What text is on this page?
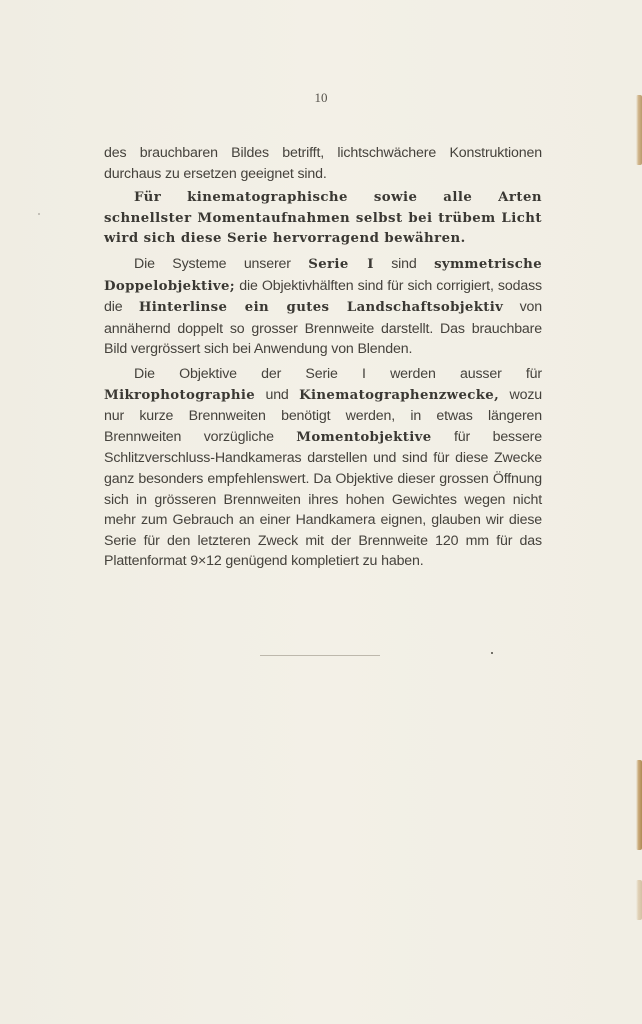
10

des brauchbaren Bildes betrifft, lichtschwächere Konstruktionen durchaus zu ersetzen geeignet sind.

Für kinematographische sowie alle Arten schnellster Momentaufnahmen selbst bei trübem Licht wird sich diese Serie hervorragend bewähren.

Die Systeme unserer Serie I sind symmetrische Doppelobjektive; die Objektivhälften sind für sich corrigiert, sodass die Hinterlinse ein gutes Landschaftsobjektiv von annähernd doppelt so grosser Brennweite darstellt. Das brauchbare Bild vergrössert sich bei Anwendung von Blenden.

Die Objektive der Serie I werden ausser für Mikrophotographie und Kinematographenzwecke, wozu nur kurze Brennweiten benötigt werden, in etwas längeren Brennweiten vorzügliche Momentobjektive für bessere Schlitzverschluss-Handkameras darstellen und sind für diese Zwecke ganz besonders empfehlenswert. Da Objektive dieser grossen Öffnung sich in grösseren Brennweiten ihres hohen Gewichtes wegen nicht mehr zum Gebrauch an einer Handkamera eignen, glauben wir diese Serie für den letzteren Zweck mit der Brennweite 120 mm für das Plattenformat 9×12 genügend kompletiert zu haben.
